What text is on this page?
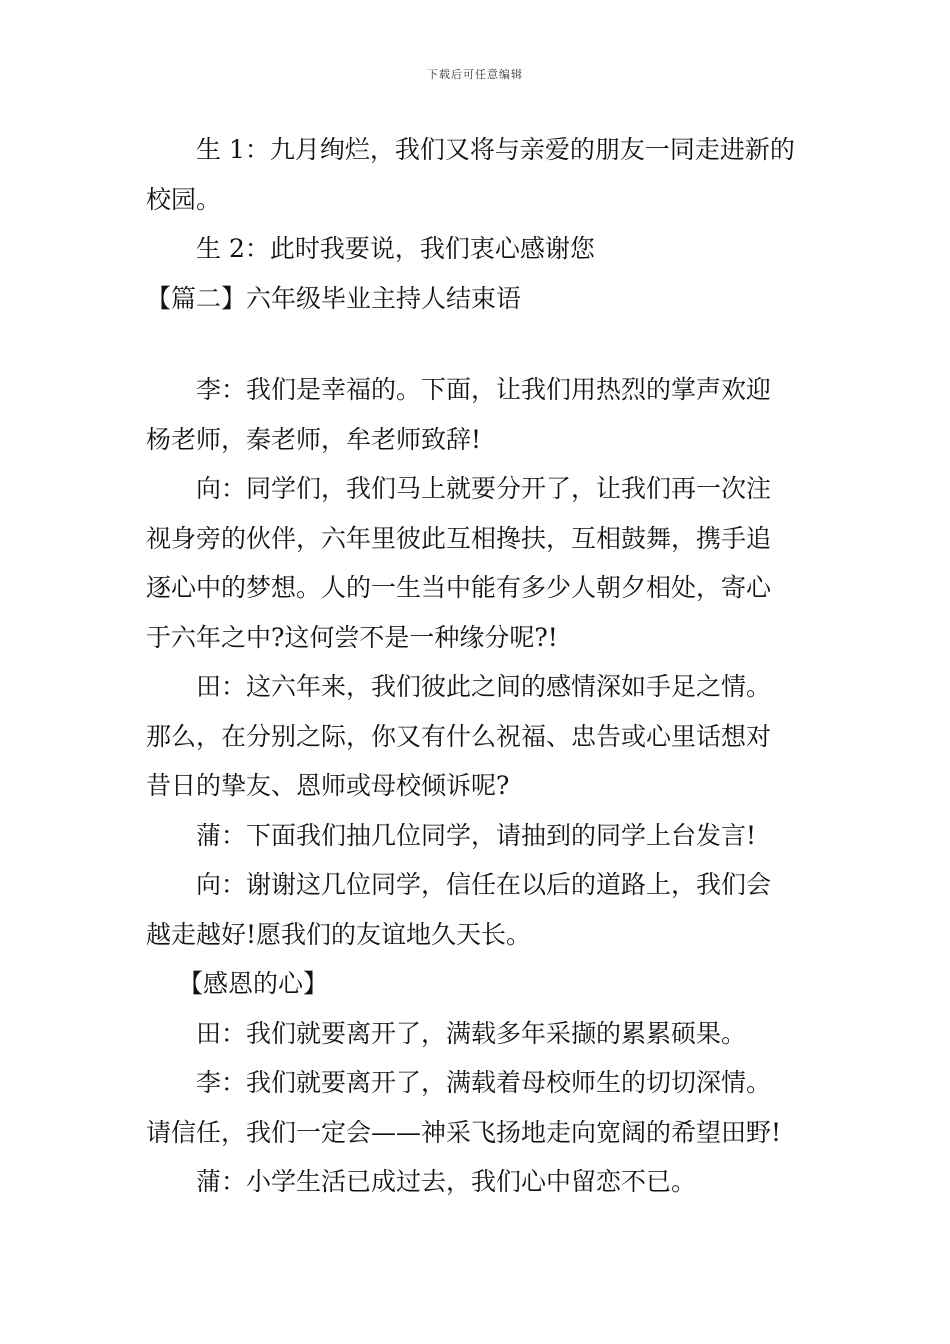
下载后可任意编辑
生 1：九月绚烂，我们又将与亲爱的朋友一同走进新的
校园。
生 2：此时我要说，我们衷心感谢您
【篇二】六年级毕业主持人结束语
李：我们是幸福的。下面，让我们用热烈的掌声欢迎
杨老师，秦老师，牟老师致辞!
向：同学们，我们马上就要分开了，让我们再一次注
视身旁的伙伴，六年里彼此互相搀扶，互相鼓舞，携手追
逐心中的梦想。人的一生当中能有多少人朝夕相处，寄心
于六年之中?这何尝不是一种缘分呢?!
田：这六年来，我们彼此之间的感情深如手足之情。
那么，在分别之际，你又有什么祝福、忠告或心里话想对
昔日的挚友、恩师或母校倾诉呢?
蒲：下面我们抽几位同学，请抽到的同学上台发言!
向：谢谢这几位同学，信任在以后的道路上，我们会
越走越好!愿我们的友谊地久天长。
【感恩的心】
田：我们就要离开了，满载多年采撷的累累硕果。
李：我们就要离开了，满载着母校师生的切切深情。
请信任，我们一定会——神采飞扬地走向宽阔的希望田野!
蒲：小学生活已成过去，我们心中留恋不已。
